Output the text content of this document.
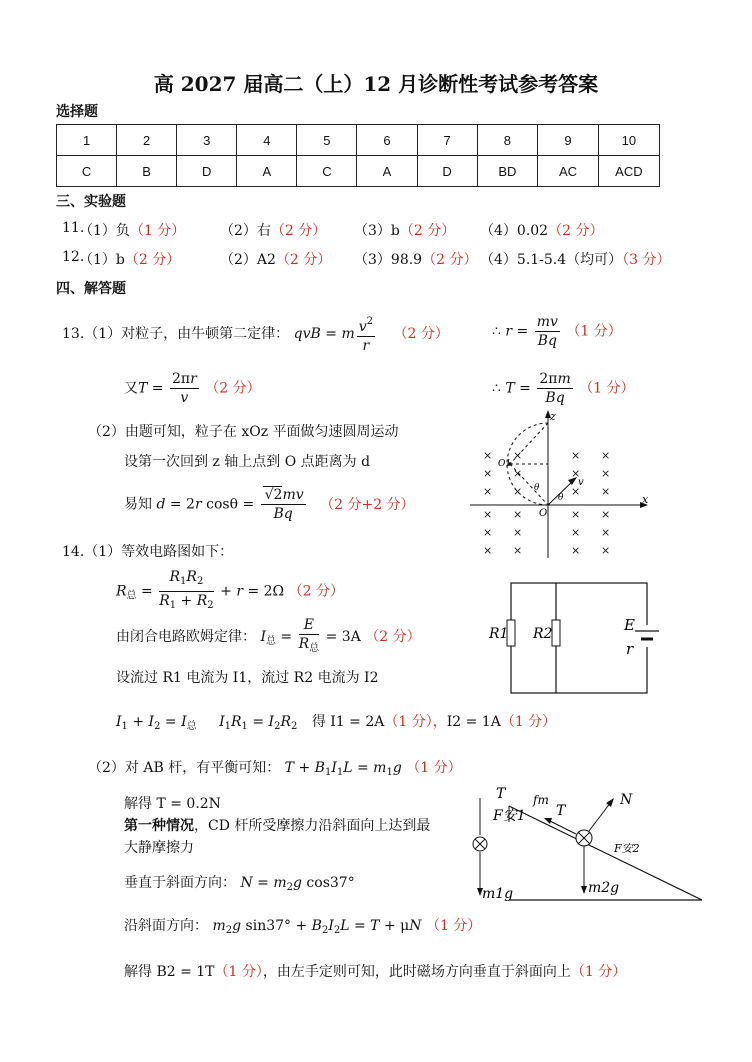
高 2027 届高二（上）12 月诊断性考试参考答案
选择题
1	2	3	4	5	6	7	8	9	10
C	B	D	A	C	A	D	BD	AC	ACD
三、实验题
11.
（1）负（1 分） （2）右（2 分） （3）b（2 分） （4）0.02（2 分）
12.
（1）b（2 分）	（2）A2（2 分） （3）98.9（2 分） （4）5.1-5.4（均可）（3 分）
四、解答题
13.（1）对粒子，由牛顿第二定律： qvB = m $\frac{v^2}{r} (2$ 分）	∴ $r = \frac{mv}{Bq} (1$ 分）
又$T = \frac{2\pi r}{v} (2$ 分）	∴ $T = \frac{2\pi m}{Bq} (1$ 分）
（2）由题可知，粒子在 xOz 平面做匀速圆周运动
设第一次回到 z 轴上点到 O 点距离为 d
易知 d = 2r $\cos\theta = \frac{√2mv}{Bq} (2$ 分+2 分）
z
x
O
O1
v
θ
θ
× ×	× ×
× ×	× ×
× ×	× ×
× ×	× ×
× ×	× ×
× ×	× ×
14.（1）等效电路图如下：
$R_总 = \frac{R_1R_2}{R_1 + R_2} + r = 2\Omega$ （2 分）
由闭合电路欧姆定律： $I_总 = \frac{E}{R_总} = 3A$ （2 分）
设流过 R1 电流为 I1，流过 R2 电流为 I2
$I_1 + I_2 = I_总$ $I_1R_1 = I_2R_2$ 得 I1 = 2A（1 分），I2 = 1A（1 分）
R1 R2	E
r
（2）对 AB 杆，有平衡可知： $T + B_1I_1L = m_1g$ （1 分）
解得 T = 0.2N
第一种情况，CD 杆所受摩擦力沿斜面向上达到最
大静摩擦力
垂直于斜面方向： $N = m_2g$ cos37°
沿斜面方向： $m_2g$ $\sin 37^\circ + B_2I_2L = T + \mu N$ （1 分）
解得 B2 = 1T（1 分），由左手定则可知，此时磁场方向垂直于斜面向上（1 分）
T
F安1
fm
T
N
F安2
m1g	m2g
